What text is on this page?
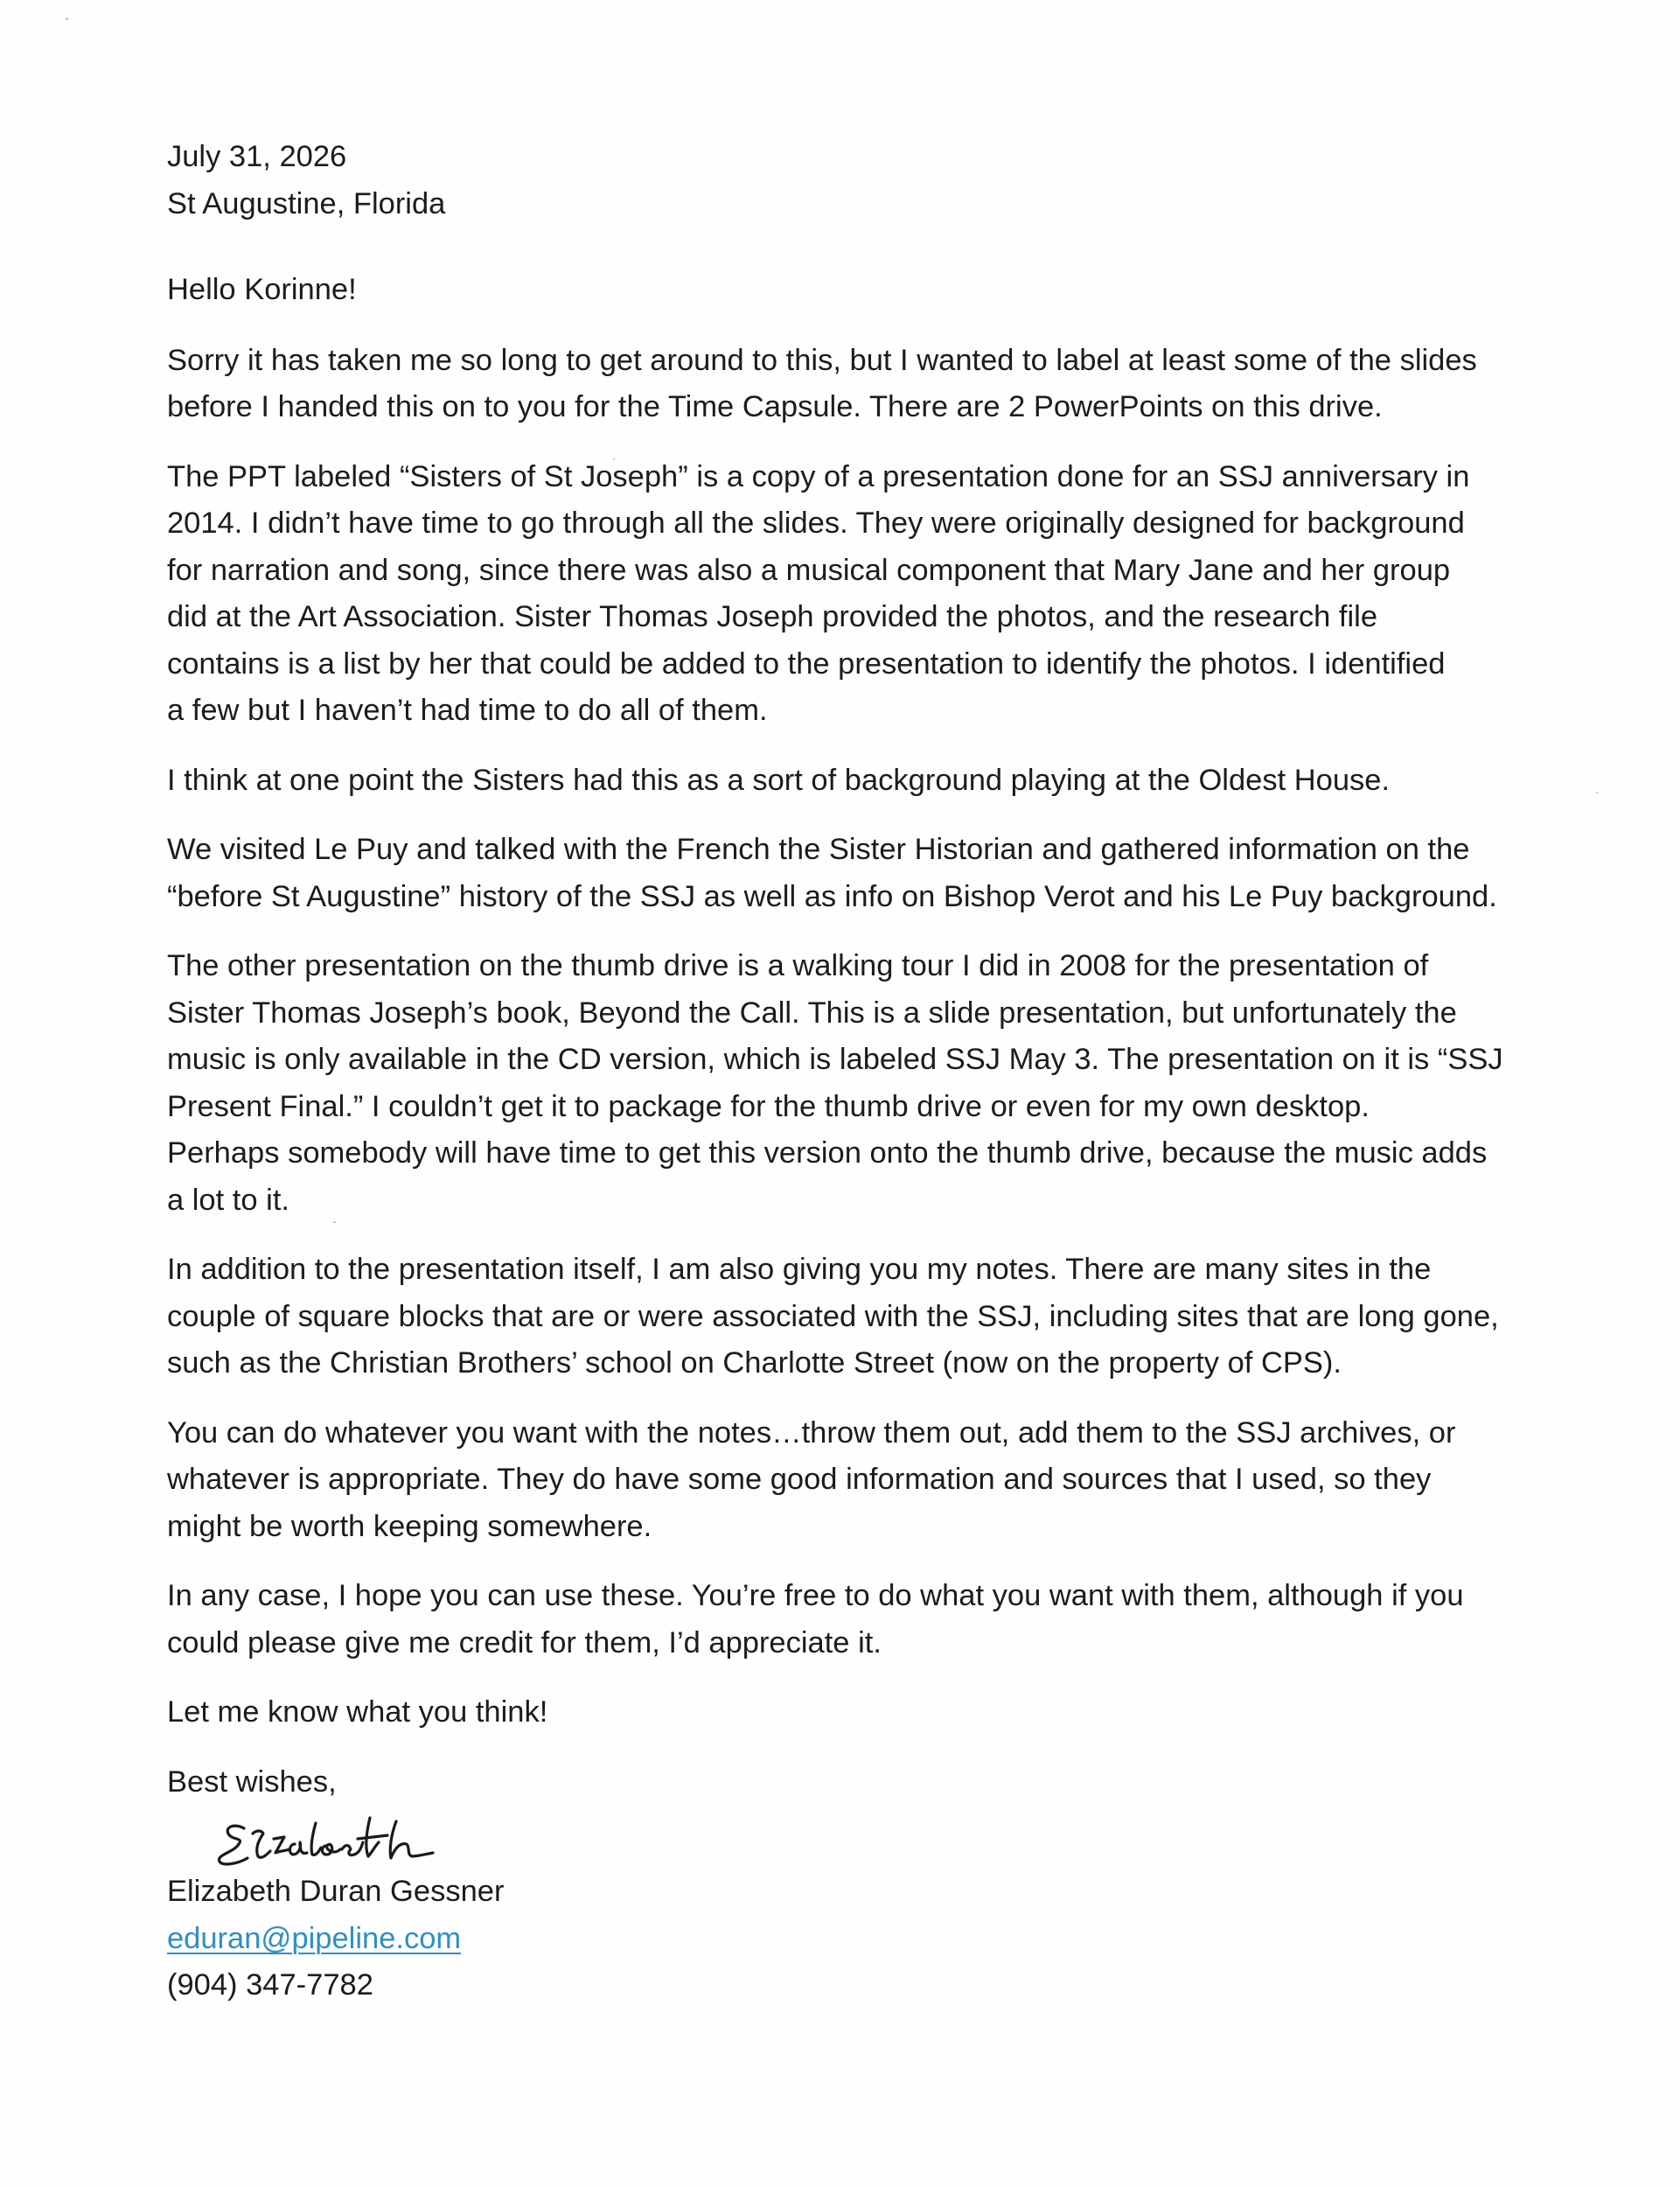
July 31, 2026

St Augustine, Florida

Hello Korinne!

Sorry it has taken me so long to get around to this, but I wanted to label at least some of the slides
before I handed this on to you for the Time Capsule. There are 2 PowerPoints on this drive.

The PPT labeled “Sisters of St Joseph” is a copy of a presentation done for an SSJ anniversary in
2014. I didn’t have time to go through all the slides. They were originally designed for background
for narration and song, since there was also a musical component that Mary Jane and her group
did at the Art Association. Sister Thomas Joseph provided the photos, and the research file
contains is a list by her that could be added to the presentation to identify the photos. I identified
a few but I haven’t had time to do all of them.

I think at one point the Sisters had this as a sort of background playing at the Oldest House.

We visited Le Puy and talked with the French the Sister Historian and gathered information on the
“before St Augustine” history of the SSJ as well as info on Bishop Verot and his Le Puy background.

The other presentation on the thumb drive is a walking tour I did in 2008 for the presentation of
Sister Thomas Joseph’s book, Beyond the Call. This is a slide presentation, but unfortunately the
music is only available in the CD version, which is labeled SSJ May 3. The presentation on it is “SSJ
Present Final.” I couldn’t get it to package for the thumb drive or even for my own desktop.
Perhaps somebody will have time to get this version onto the thumb drive, because the music adds
a lot to it.

In addition to the presentation itself, I am also giving you my notes. There are many sites in the
couple of square blocks that are or were associated with the SSJ, including sites that are long gone,
such as the Christian Brothers’ school on Charlotte Street (now on the property of CPS).

You can do whatever you want with the notes…throw them out, add them to the SSJ archives, or
whatever is appropriate. They do have some good information and sources that I used, so they
might be worth keeping somewhere.

In any case, I hope you can use these. You’re free to do what you want with them, although if you
could please give me credit for them, I’d appreciate it.

Let me know what you think!

Best wishes,

Elizabeth Duran Gessner

eduran@pipeline.com

(904) 347-7782
